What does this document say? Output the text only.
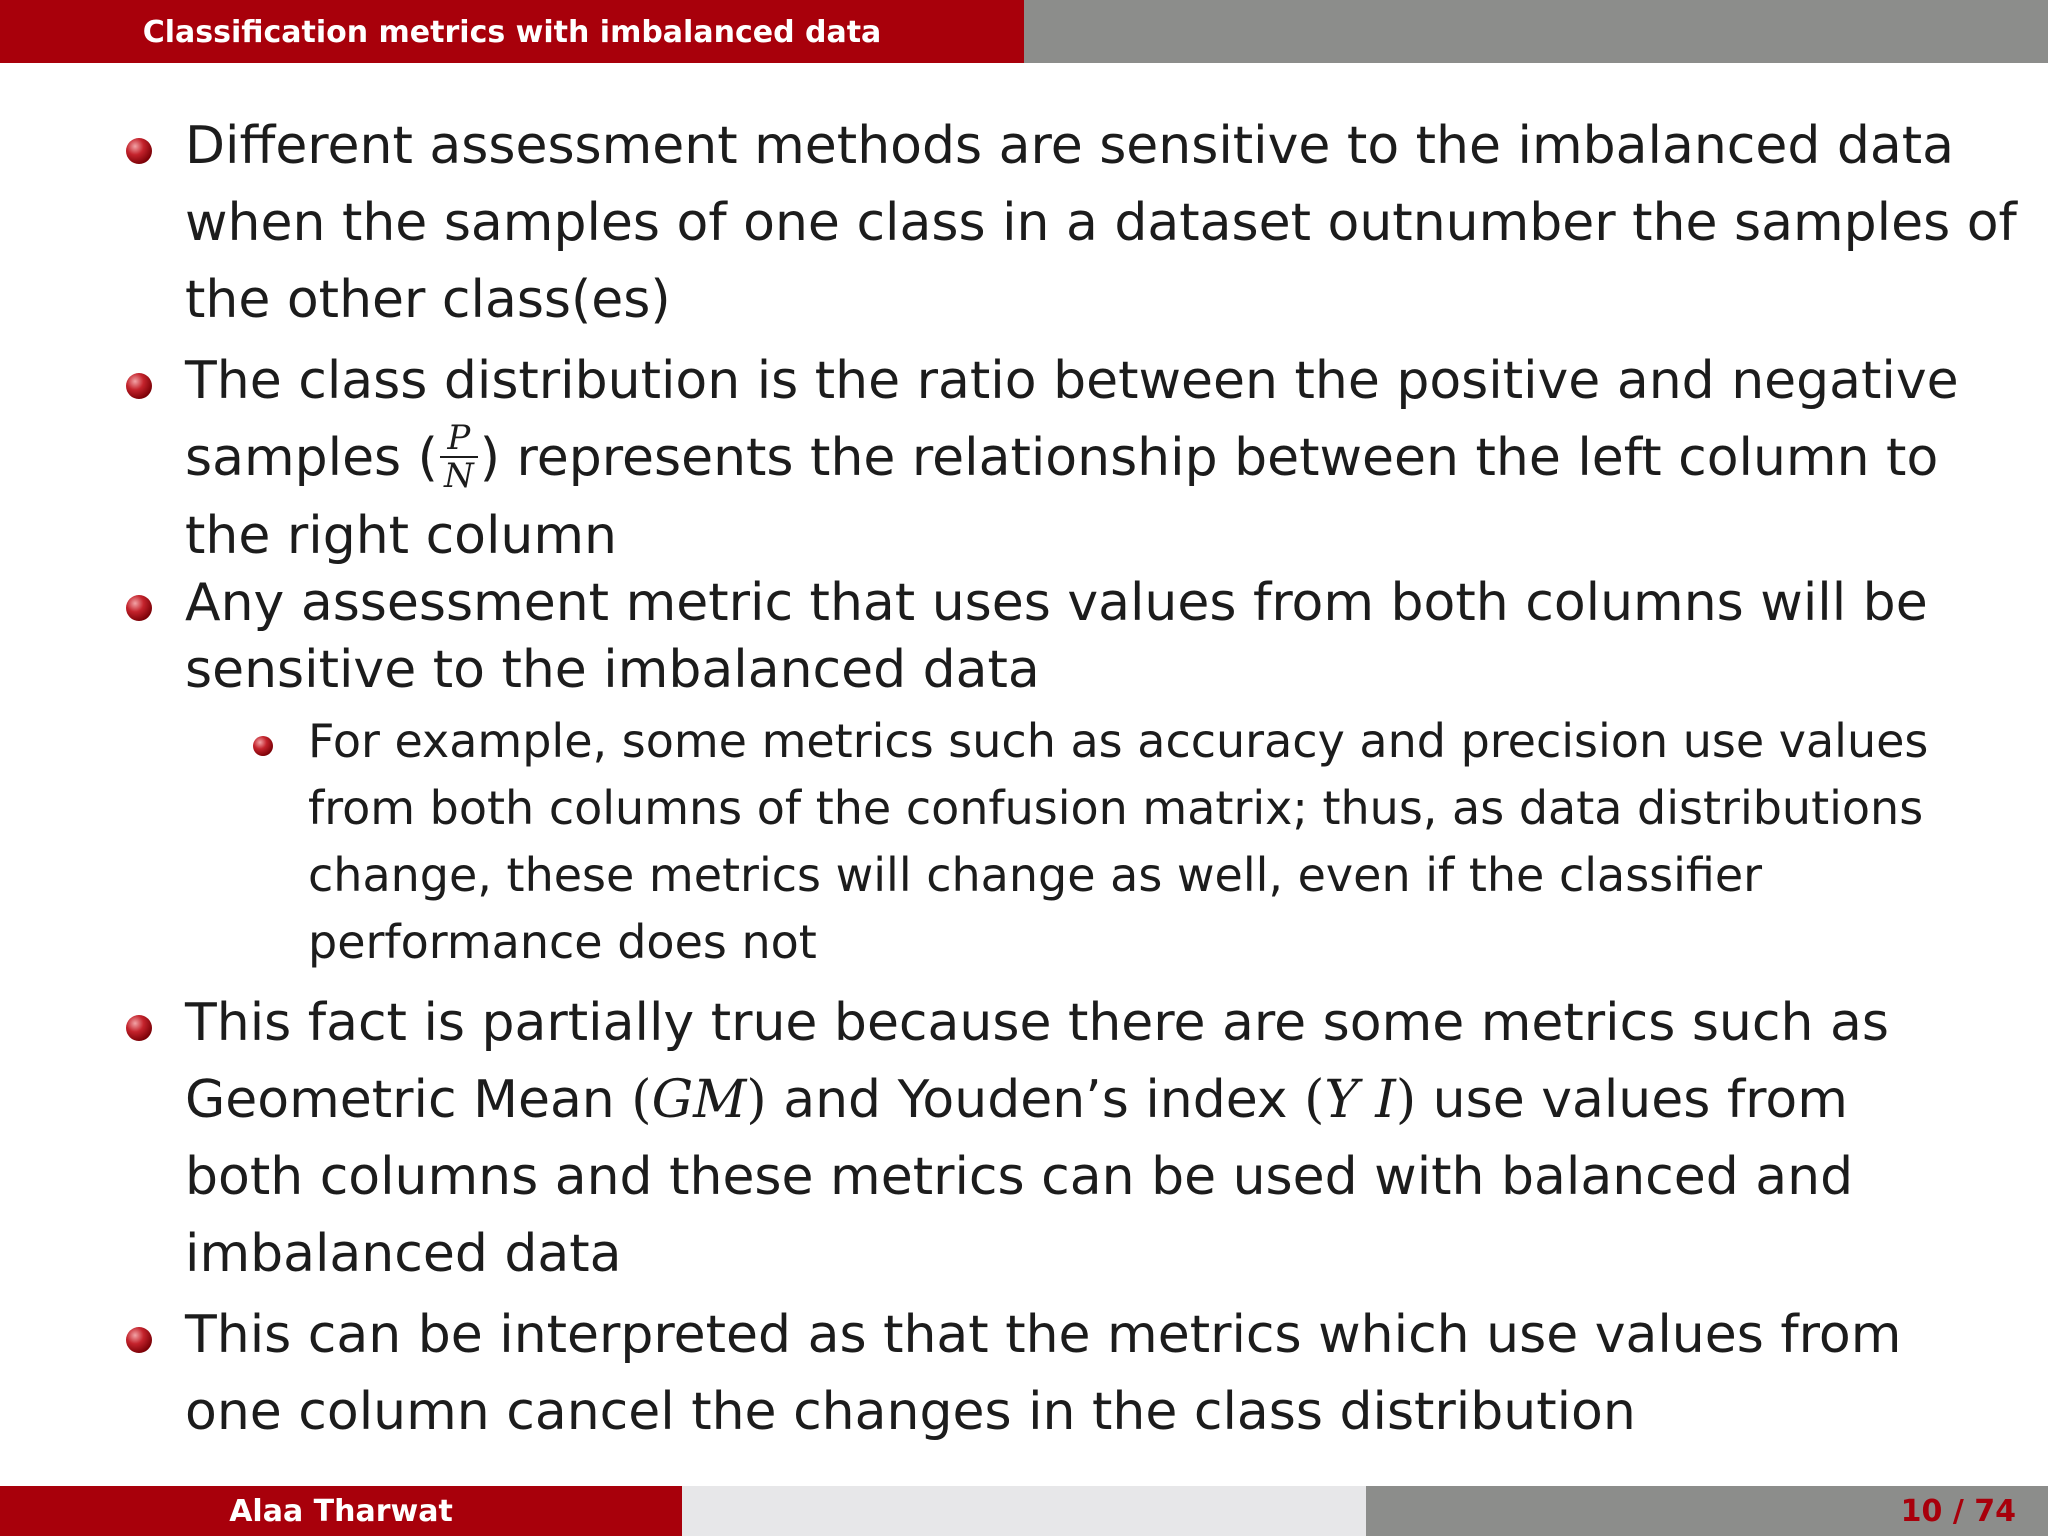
Classification metrics with imbalanced data
Different assessment methods are sensitive to the imbalanced data
when the samples of one class in a dataset outnumber the samples of
the other class(es)
The class distribution is the ratio between the positive and negative
samples ( $\frac{P}{N}$ ) represents the relationship between the left column to
the right column
Any assessment metric that uses values from both columns will be
sensitive to the imbalanced data
For example, some metrics such as accuracy and precision use values
from both columns of the confusion matrix; thus, as data distributions
change, these metrics will change as well, even if the classifier
performance does not
This fact is partially true because there are some metrics such as
Geometric Mean (GM) and Youden’s index (Y I) use values from
both columns and these metrics can be used with balanced and
imbalanced data
This can be interpreted as that the metrics which use values from
one column cancel the changes in the class distribution
Alaa Tharwat	10 / 74
